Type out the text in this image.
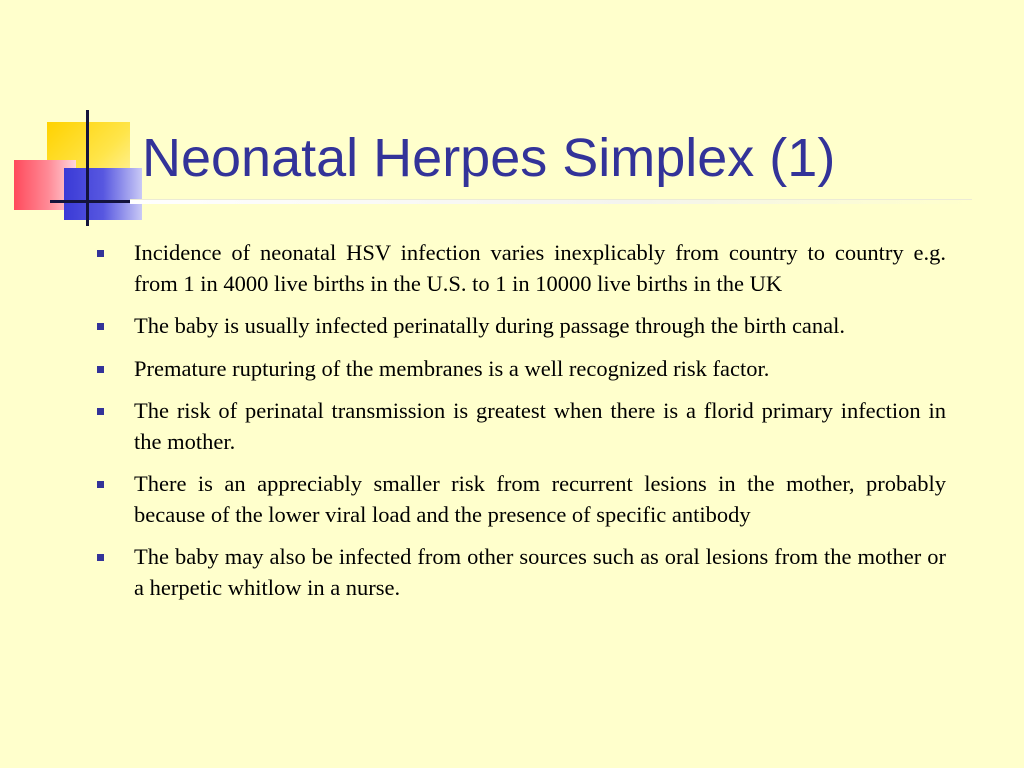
Neonatal Herpes Simplex (1)
Incidence of neonatal HSV infection varies inexplicably from country to country e.g. from 1 in 4000 live births in the U.S. to 1 in 10000 live births in the UK
The baby is usually infected perinatally during passage through the birth canal.
Premature rupturing of the membranes is a well recognized risk factor.
The risk of perinatal transmission is greatest when there is a florid primary infection in the mother.
There is an appreciably smaller risk from recurrent lesions in the mother, probably because of the lower viral load and the presence of specific antibody
The baby may also be infected from other sources such as oral lesions from the mother or a herpetic whitlow in a nurse.
